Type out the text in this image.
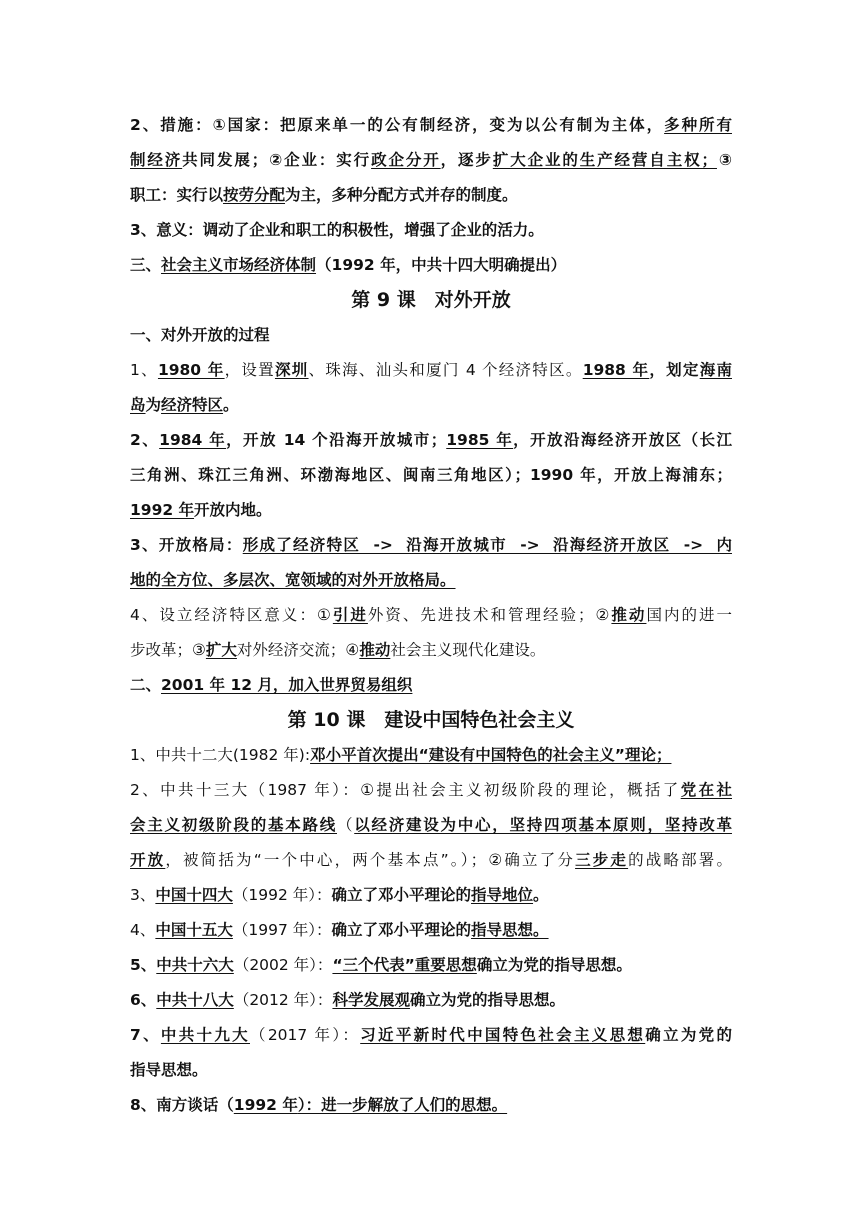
2、措施：①国家：把原来单一的公有制经济，变为以公有制为主体，多种所有
制经济共同发展；②企业：实行政企分开，逐步扩大企业的生产经营自主权；③
职工：实行以按劳分配为主，多种分配方式并存的制度。
3、意义：调动了企业和职工的积极性，增强了企业的活力。
三、社会主义市场经济体制（1992 年，中共十四大明确提出）
第 9 课　对外开放
一、对外开放的过程
1、1980 年，设置深圳、珠海、汕头和厦门 4 个经济特区。1988 年，划定海南
岛为经济特区。
2、1984 年，开放 14 个沿海开放城市；1985 年，开放沿海经济开放区（长江
三角洲、珠江三角洲、环渤海地区、闽南三角地区）；1990 年，开放上海浦东；
1992 年开放内地。
3、开放格局：形成了经济特区  ->  沿海开放城市  ->  沿海经济开放区  ->  内
地的全方位、多层次、宽领域的对外开放格局。
4、设立经济特区意义：①引进外资、先进技术和管理经验；②推动国内的进一
步改革；③扩大对外经济交流；④推动社会主义现代化建设。
二、2001 年 12 月，加入世界贸易组织
第 10 课　建设中国特色社会主义
1、中共十二大(1982 年):邓小平首次提出“建设有中国特色的社会主义”理论；
2、中共十三大（1987 年）：①提出社会主义初级阶段的理论，概括了党在社
会主义初级阶段的基本路线（以经济建设为中心，坚持四项基本原则，坚持改革
开放，被简括为“一个中心，两个基本点”。）；②确立了分三步走的战略部署。
3、中国十四大（1992 年）：确立了邓小平理论的指导地位。
4、中国十五大（1997 年）：确立了邓小平理论的指导思想。
5、中共十六大（2002 年）：“三个代表”重要思想确立为党的指导思想。
6、中共十八大（2012 年）：科学发展观确立为党的指导思想。
7、中共十九大（2017 年）：习近平新时代中国特色社会主义思想确立为党的
指导思想。
8、南方谈话（1992 年）：进一步解放了人们的思想。
